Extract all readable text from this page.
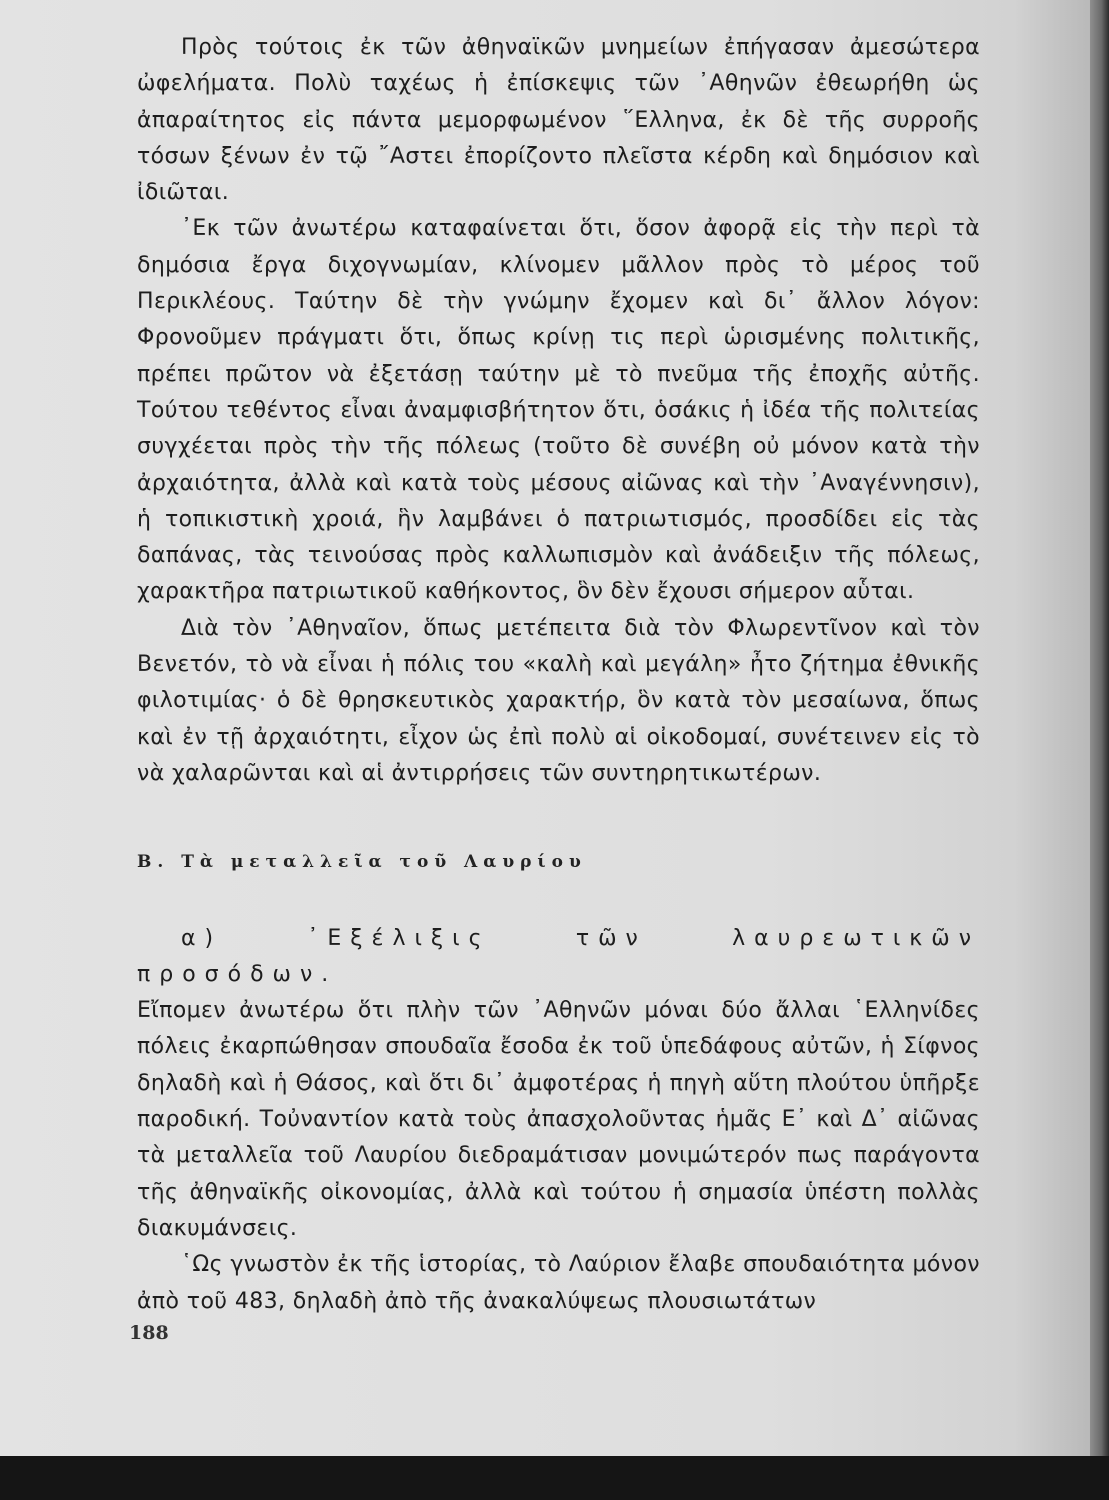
Πρὸς τούτοις ἐκ τῶν ἀθηναϊκῶν μνημείων ἐπήγασαν ἀμεσώτερα ὠφελήματα. Πολὺ ταχέως ἡ ἐπίσκεψις τῶν ᾿Αθηνῶν ἐθεωρήθη ὡς ἀπαραίτητος εἰς πάντα μεμορφωμένον ῞Ελληνα, ἐκ δὲ τῆς συρροῆς τόσων ξένων ἐν τῷ ῎Αστει ἐπορίζοντο πλεῖστα κέρδη καὶ δημόσιον καὶ ἰδιῶται.

᾿Εκ τῶν ἀνωτέρω καταφαίνεται ὅτι, ὅσον ἀφορᾷ εἰς τὴν περὶ τὰ δημόσια ἔργα διχογνωμίαν, κλίνομεν μᾶλλον πρὸς τὸ μέρος τοῦ Περικλέους. Ταύτην δὲ τὴν γνώμην ἔχομεν καὶ δι᾿ ἄλλον λόγον: Φρονοῦμεν πράγματι ὅτι, ὅπως κρίνῃ τις περὶ ὡρισμένης πολιτικῆς, πρέπει πρῶτον νὰ ἐξετάσῃ ταύτην μὲ τὸ πνεῦμα τῆς ἐποχῆς αὐτῆς. Τούτου τεθέντος εἶναι ἀναμφισβήτητον ὅτι, ὁσάκις ἡ ἰδέα τῆς πολιτείας συγχέεται πρὸς τὴν τῆς πόλεως (τοῦτο δὲ συνέβη οὐ μόνον κατὰ τὴν ἀρχαιότητα, ἀλλὰ καὶ κατὰ τοὺς μέσους αἰῶνας καὶ τὴν ᾿Αναγέννησιν), ἡ τοπικιστικὴ χροιά, ἣν λαμβάνει ὁ πατριωτισμός, προσδίδει εἰς τὰς δαπάνας, τὰς τεινούσας πρὸς καλλωπισμὸν καὶ ἀνάδειξιν τῆς πόλεως, χαρακτῆρα πατριωτικοῦ καθήκοντος, ὃν δὲν ἔχουσι σήμερον αὗται.

Διὰ τὸν ᾿Αθηναῖον, ὅπως μετέπειτα διὰ τὸν Φλωρεντῖνον καὶ τὸν Βενετόν, τὸ νὰ εἶναι ἡ πόλις του «καλὴ καὶ μεγάλη» ἦτο ζήτημα ἐθνικῆς φιλοτιμίας· ὁ δὲ θρησκευτικὸς χαρακτήρ, ὃν κατὰ τὸν μεσαίωνα, ὅπως καὶ ἐν τῇ ἀρχαιότητι, εἶχον ὡς ἐπὶ πολὺ αἱ οἰκοδομαί, συνέτεινεν εἰς τὸ νὰ χαλαρῶνται καὶ αἱ ἀντιρρήσεις τῶν συντηρητικωτέρων.

Β. Τὰ μεταλλεῖα τοῦ Λαυρίου

α) ᾿Εξέλιξις τῶν λαυρεωτικῶν προσόδων.

Εἴπομεν ἀνωτέρω ὅτι πλὴν τῶν ᾿Αθηνῶν μόναι δύο ἄλλαι ῾Ελληνίδες πόλεις ἐκαρπώθησαν σπουδαῖα ἔσοδα ἐκ τοῦ ὑπεδάφους αὐτῶν, ἡ Σίφνος δηλαδὴ καὶ ἡ Θάσος, καὶ ὅτι δι᾿ ἀμφοτέρας ἡ πηγὴ αὕτη πλούτου ὑπῆρξε παροδική. Τοὐναντίον κατὰ τοὺς ἀπασχολοῦντας ἡμᾶς Ε᾿ καὶ Δ᾿ αἰῶνας τὰ μεταλλεῖα τοῦ Λαυρίου διεδραμάτισαν μονιμώτερόν πως παράγοντα τῆς ἀθηναϊκῆς οἰκονομίας, ἀλλὰ καὶ τούτου ἡ σημασία ὑπέστη πολλὰς διακυμάνσεις.

῾Ως γνωστὸν ἐκ τῆς ἱστορίας, τὸ Λαύριον ἔλαβε σπουδαιότητα μόνον ἀπὸ τοῦ 483, δηλαδὴ ἀπὸ τῆς ἀνακαλύψεως πλουσιωτάτων

188
